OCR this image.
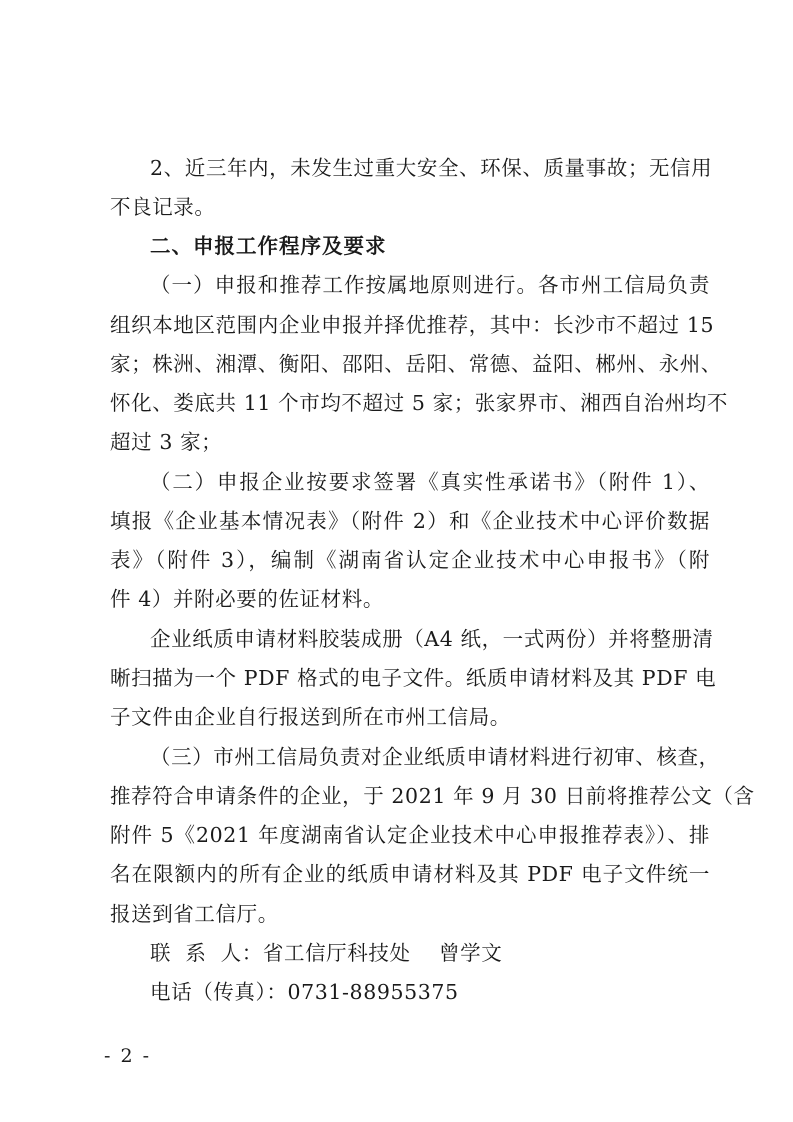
2、近三年内，未发生过重大安全、环保、质量事故；无信用
不良记录。
二、申报工作程序及要求
（一）申报和推荐工作按属地原则进行。各市州工信局负责
组织本地区范围内企业申报并择优推荐，其中：长沙市不超过 15
家；株洲、湘潭、衡阳、邵阳、岳阳、常德、益阳、郴州、永州、
怀化、娄底共 11 个市均不超过 5 家；张家界市、湘西自治州均不
超过 3 家；
（二）申报企业按要求签署《真实性承诺书》（附件 1）、
填报《企业基本情况表》（附件 2）和《企业技术中心评价数据
表》（附件 3），编制《湖南省认定企业技术中心申报书》（附
件 4）并附必要的佐证材料。
企业纸质申请材料胶装成册（A4 纸，一式两份）并将整册清
晰扫描为一个 PDF 格式的电子文件。纸质申请材料及其 PDF 电
子文件由企业自行报送到所在市州工信局。
（三）市州工信局负责对企业纸质申请材料进行初审、核查，
推荐符合申请条件的企业，于 2021 年 9 月 30 日前将推荐公文（含
附件 5《2021 年度湖南省认定企业技术中心申报推荐表》）、排
名在限额内的所有企业的纸质申请材料及其 PDF 电子文件统一
报送到省工信厅。
联  系  人：省工信厅科技处    曾学文
电话（传真）：0731-88955375
- 2 -
